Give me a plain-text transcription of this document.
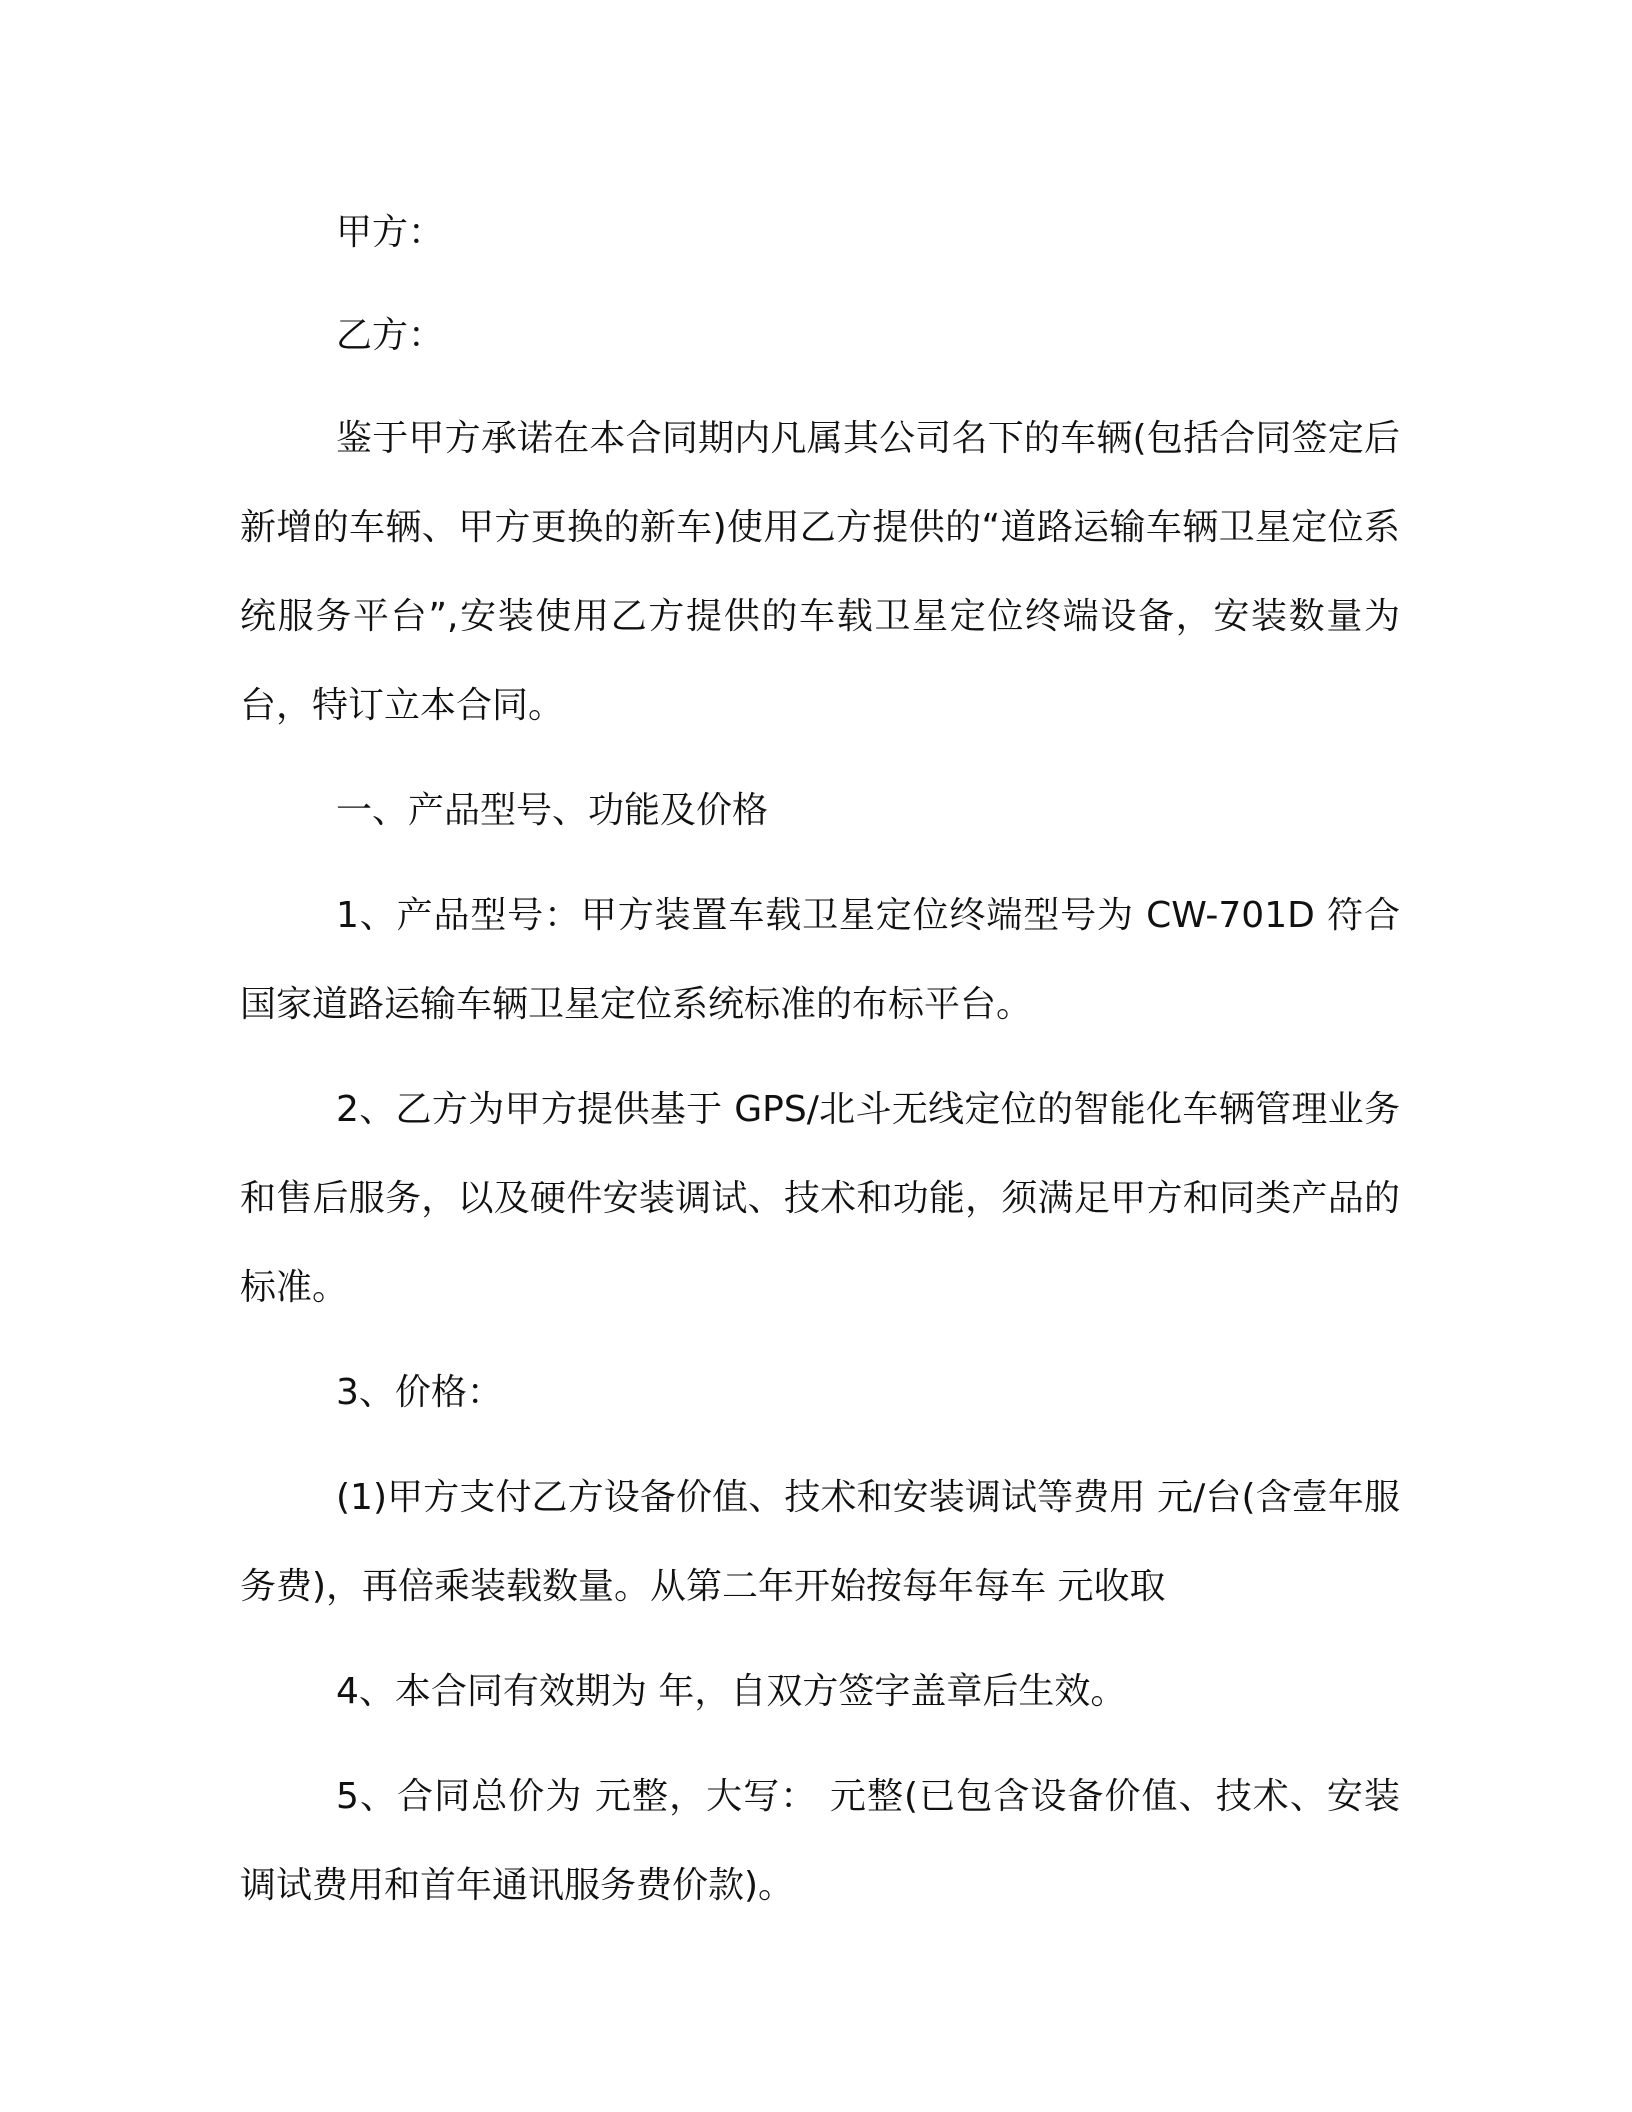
甲方：

乙方：

鉴于甲方承诺在本合同期内凡属其公司名下的车辆(包括合同签定后新增的车辆、甲方更换的新车)使用乙方提供的“道路运输车辆卫星定位系统服务平台”,安装使用乙方提供的车载卫星定位终端设备，安装数量为 台，特订立本合同。

一、产品型号、功能及价格

1、产品型号：甲方装置车载卫星定位终端型号为 CW-701D 符合国家道路运输车辆卫星定位系统标准的布标平台。

2、乙方为甲方提供基于 GPS/北斗无线定位的智能化车辆管理业务和售后服务，以及硬件安装调试、技术和功能，须满足甲方和同类产品的标准。

3、价格：

(1)甲方支付乙方设备价值、技术和安装调试等费用 元/台(含壹年服务费)，再倍乘装载数量。从第二年开始按每年每车 元收取

4、本合同有效期为 年，自双方签字盖章后生效。

5、合同总价为 元整，大写： 元整(已包含设备价值、技术、安装调试费用和首年通讯服务费价款)。
